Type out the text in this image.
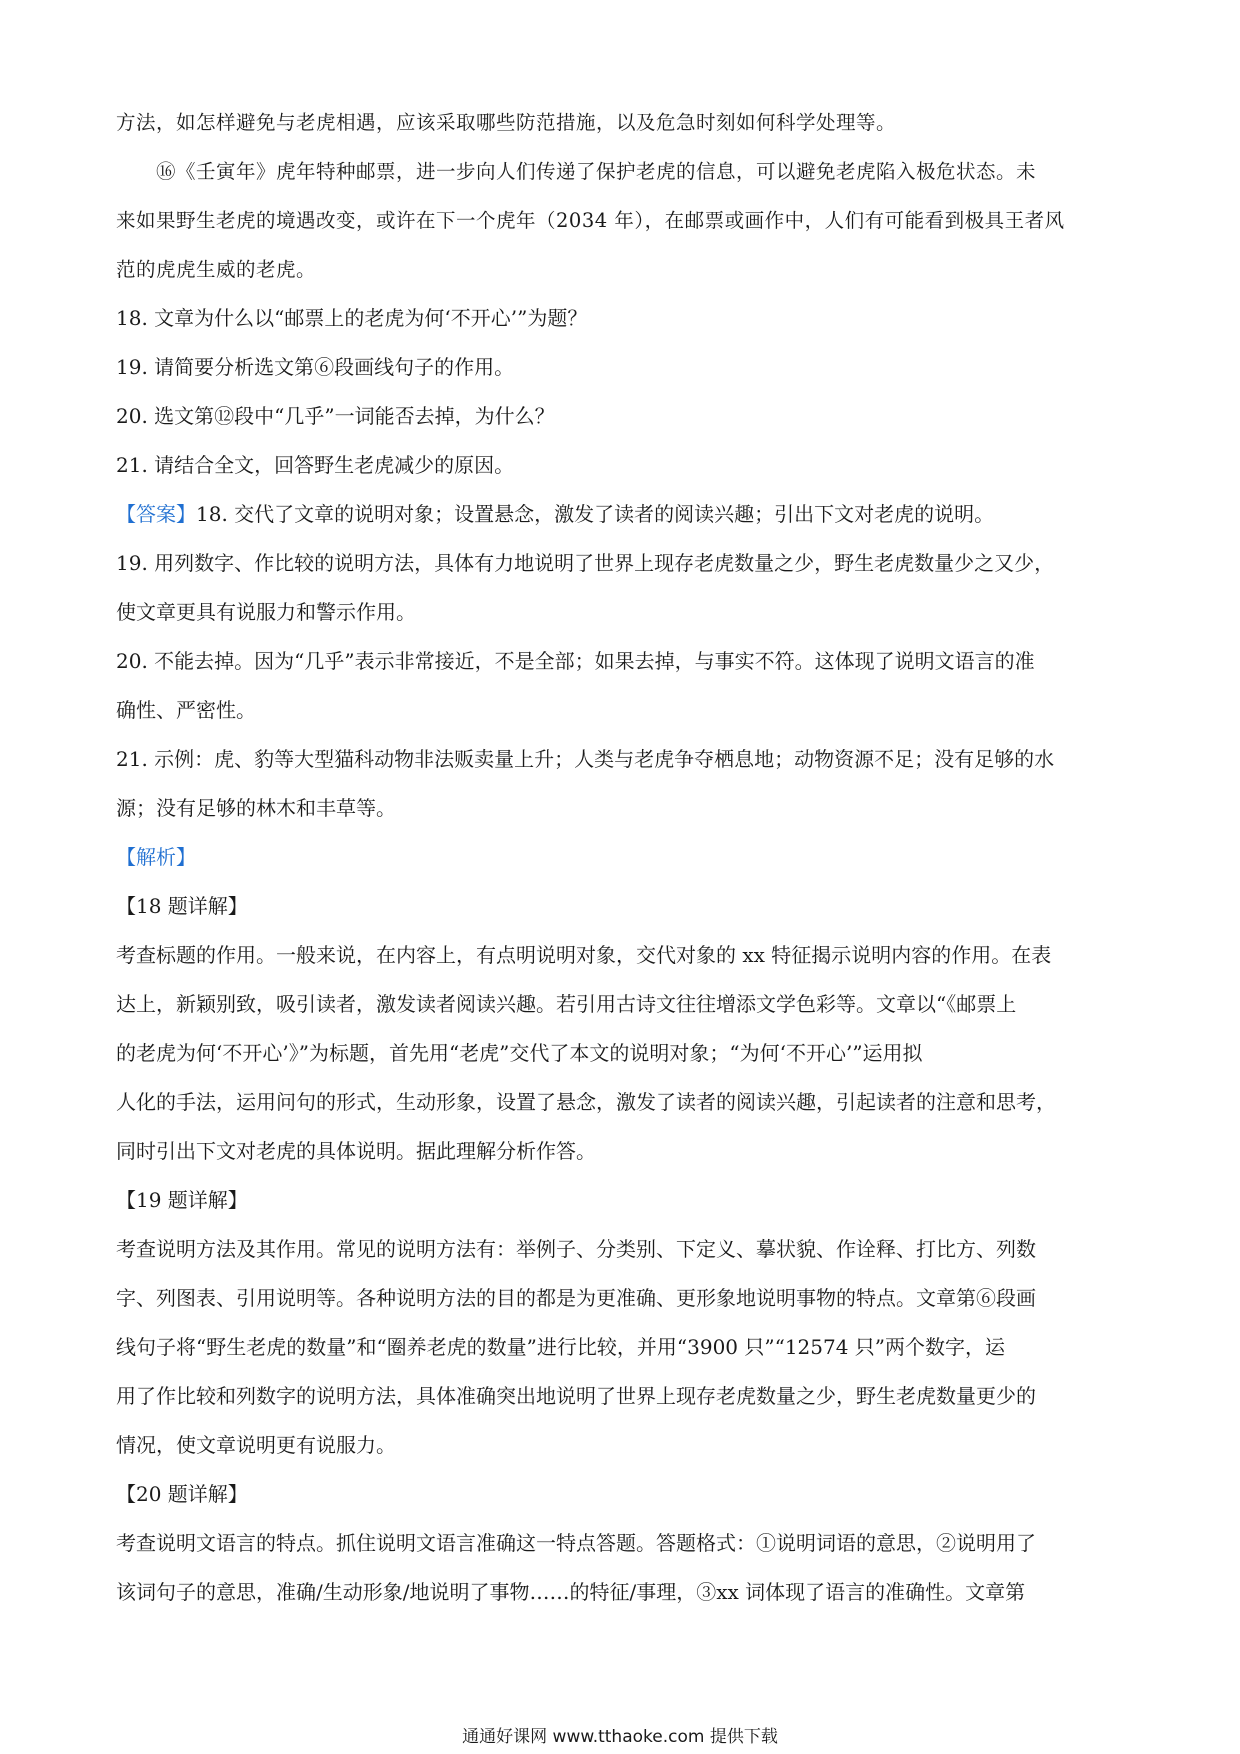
方法，如怎样避免与老虎相遇，应该采取哪些防范措施，以及危急时刻如何科学处理等。
⑯《壬寅年》虎年特种邮票，进一步向人们传递了保护老虎的信息，可以避免老虎陷入极危状态。未
来如果野生老虎的境遇改变，或许在下一个虎年（2034 年），在邮票或画作中，人们有可能看到极具王者风
范的虎虎生威的老虎。
18. 文章为什么以“邮票上的老虎为何‘不开心’”为题？
19. 请简要分析选文第⑥段画线句子的作用。
20. 选文第⑫段中“几乎”一词能否去掉，为什么？
21. 请结合全文，回答野生老虎减少的原因。
【答案】18. 交代了文章的说明对象；设置悬念，激发了读者的阅读兴趣；引出下文对老虎的说明。
19. 用列数字、作比较的说明方法，具体有力地说明了世界上现存老虎数量之少，野生老虎数量少之又少，
使文章更具有说服力和警示作用。
20. 不能去掉。因为“几乎”表示非常接近，不是全部；如果去掉，与事实不符。这体现了说明文语言的准
确性、严密性。
21. 示例：虎、豹等大型猫科动物非法贩卖量上升；人类与老虎争夺栖息地；动物资源不足；没有足够的水
源；没有足够的林木和丰草等。
【解析】
【18 题详解】
考查标题的作用。一般来说，在内容上，有点明说明对象，交代对象的 xx 特征揭示说明内容的作用。在表
达上，新颖别致，吸引读者，激发读者阅读兴趣。若引用古诗文往往增添文学色彩等。文章以“《邮票上
的老虎为何‘不开心’》”为标题，首先用“老虎”交代了本文的说明对象；“为何‘不开心’”运用拟
人化的手法，运用问句的形式，生动形象，设置了悬念，激发了读者的阅读兴趣，引起读者的注意和思考，
同时引出下文对老虎的具体说明。据此理解分析作答。
【19 题详解】
考查说明方法及其作用。常见的说明方法有：举例子、分类别、下定义、摹状貌、作诠释、打比方、列数
字、列图表、引用说明等。各种说明方法的目的都是为更准确、更形象地说明事物的特点。文章第⑥段画
线句子将“野生老虎的数量”和“圈养老虎的数量”进行比较，并用“3900 只”“12574 只”两个数字，运
用了作比较和列数字的说明方法，具体准确突出地说明了世界上现存老虎数量之少，野生老虎数量更少的
情况，使文章说明更有说服力。
【20 题详解】
考查说明文语言的特点。抓住说明文语言准确这一特点答题。答题格式：①说明词语的意思，②说明用了
该词句子的意思，准确/生动形象/地说明了事物……的特征/事理，③xx 词体现了语言的准确性。文章第
通通好课网 www.tthaoke.com 提供下载
